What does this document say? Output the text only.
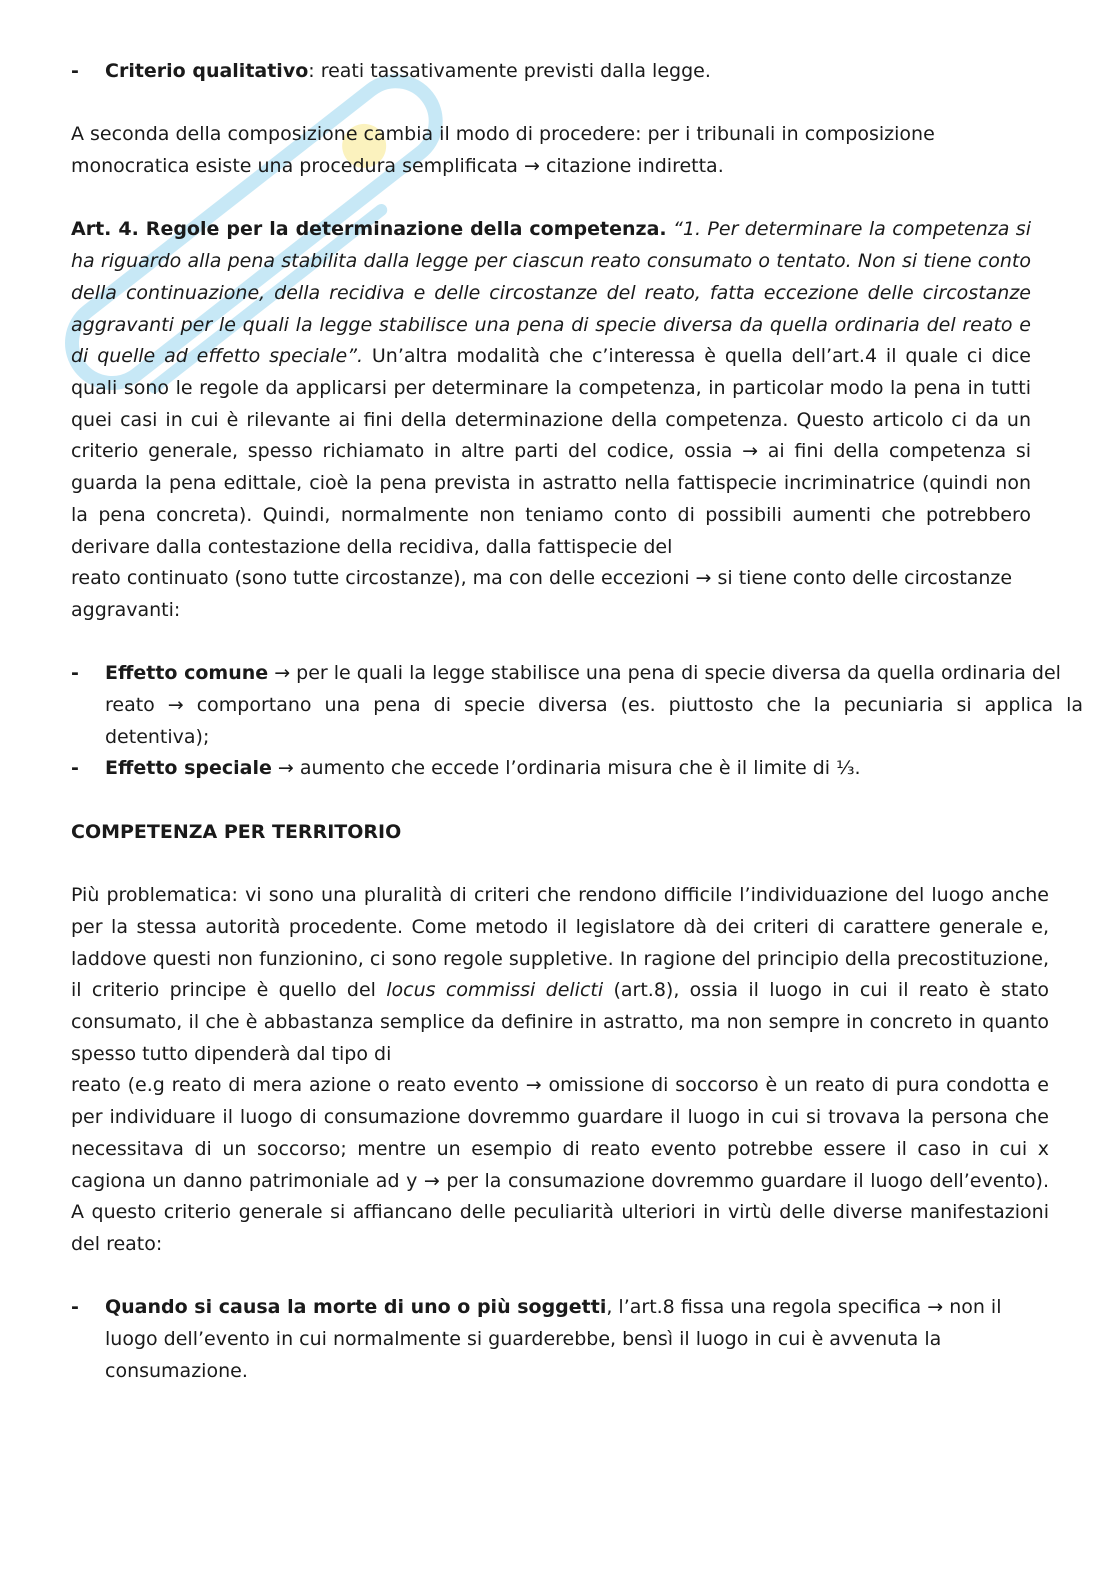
- Criterio qualitativo: reati tassativamente previsti dalla legge.

A seconda della composizione cambia il modo di procedere: per i tribunali in composizione
monocratica esiste una procedura semplificata → citazione indiretta.

Art. 4. Regole per la determinazione della competenza. “1. Per determinare la competenza si ha riguardo alla pena stabilita dalla legge per ciascun reato consumato o tentato. Non si tiene conto della continuazione, della recidiva e delle circostanze del reato, fatta eccezione delle circostanze aggravanti per le quali la legge stabilisce una pena di specie diversa da quella ordinaria del reato e di quelle ad effetto speciale”. Un’altra modalità che c’interessa è quella dell’art.4 il quale ci dice quali sono le regole da applicarsi per determinare la competenza, in particolar modo la pena in tutti quei casi in cui è rilevante ai fini della determinazione della competenza. Questo articolo ci da un criterio generale, spesso richiamato in altre parti del codice, ossia → ai fini della competenza si guarda la pena edittale, cioè la pena prevista in astratto nella fattispecie incriminatrice (quindi non la pena concreta). Quindi, normalmente non teniamo conto di possibili aumenti che potrebbero derivare dalla contestazione della recidiva, dalla fattispecie del

reato continuato (sono tutte circostanze), ma con delle eccezioni → si tiene conto delle circostanze

aggravanti:

- Effetto comune → per le quali la legge stabilisce una pena di specie diversa da quella ordinaria del

reato → comportano una pena di specie diversa (es. piuttosto che la pecuniaria si applica la detentiva);

- Effetto speciale → aumento che eccede l’ordinaria misura che è il limite di ⅓.

COMPETENZA PER TERRITORIO

Più problematica: vi sono una pluralità di criteri che rendono difficile l’individuazione del luogo anche per la stessa autorità procedente. Come metodo il legislatore dà dei criteri di carattere generale e, laddove questi non funzionino, ci sono regole suppletive. In ragione del principio della precostituzione, il criterio principe è quello del locus commissi delicti (art.8), ossia il luogo in cui il reato è stato consumato, il che è abbastanza semplice da definire in astratto, ma non sempre in concreto in quanto spesso tutto dipenderà dal tipo di

reato (e.g reato di mera azione o reato evento → omissione di soccorso è un reato di pura condotta e per individuare il luogo di consumazione dovremmo guardare il luogo in cui si trovava la persona che necessitava di un soccorso; mentre un esempio di reato evento potrebbe essere il caso in cui x cagiona un danno patrimoniale ad y → per la consumazione dovremmo guardare il luogo dell’evento). A questo criterio generale si affiancano delle peculiarità ulteriori in virtù delle diverse manifestazioni del reato:

- Quando si causa la morte di uno o più soggetti, l’art.8 fissa una regola specifica → non il luogo dell’evento in cui normalmente si guarderebbe, bensì il luogo in cui è avvenuta la consumazione.
